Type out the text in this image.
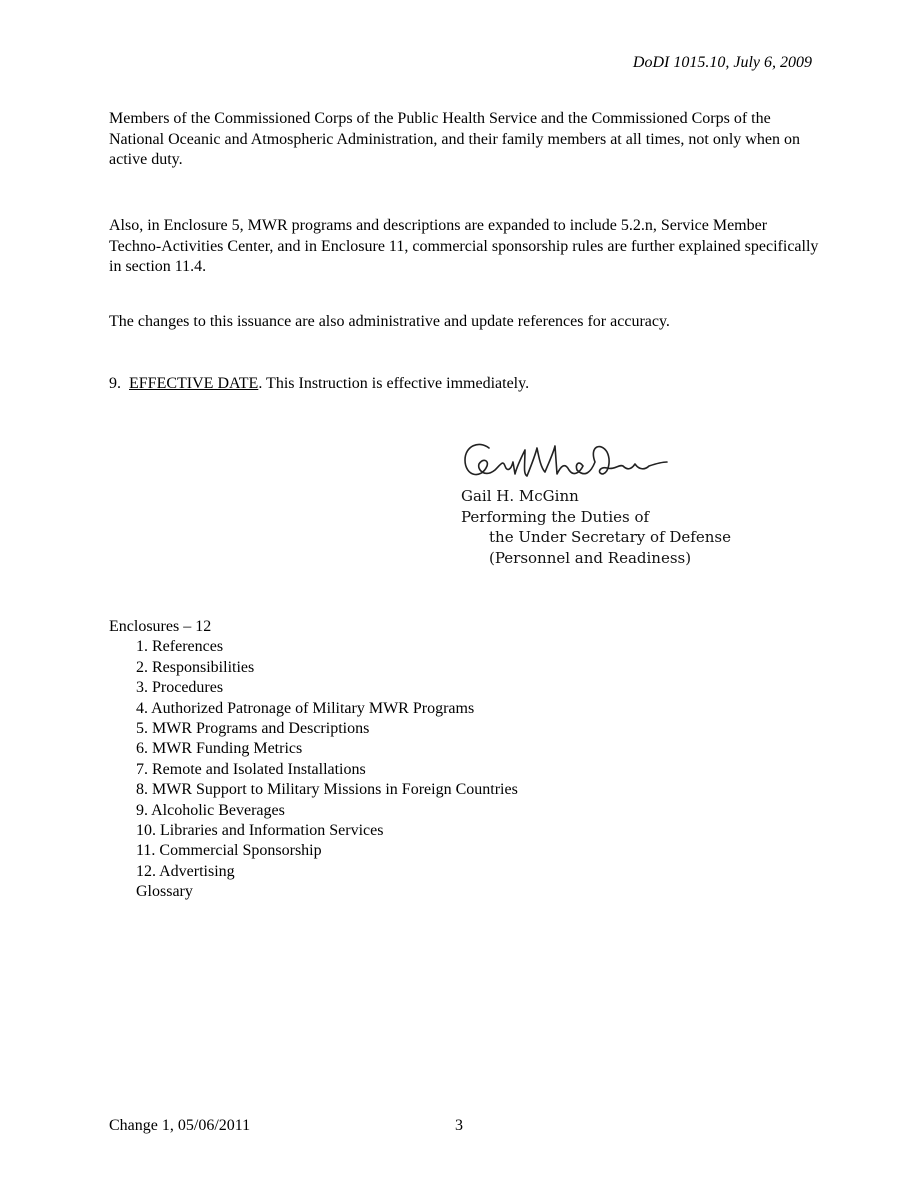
DoDI 1015.10, July 6, 2009

Members of the Commissioned Corps of the Public Health Service and the Commissioned Corps of the National Oceanic and Atmospheric Administration, and their family members at all times, not only when on active duty.

Also, in Enclosure 5, MWR programs and descriptions are expanded to include 5.2.n, Service Member Techno-Activities Center, and in Enclosure 11, commercial sponsorship rules are further explained specifically in section 11.4.

The changes to this issuance are also administrative and update references for accuracy.

9. EFFECTIVE DATE. This Instruction is effective immediately.

Gail H. McGinn
Performing the Duties of
the Under Secretary of Defense
(Personnel and Readiness)
Enclosures – 12
1. References
2. Responsibilities
3. Procedures
4. Authorized Patronage of Military MWR Programs
5. MWR Programs and Descriptions
6. MWR Funding Metrics
7. Remote and Isolated Installations
8. MWR Support to Military Missions in Foreign Countries
9. Alcoholic Beverages
10. Libraries and Information Services
11. Commercial Sponsorship
12. Advertising
Glossary
Change 1, 05/06/2011	3
